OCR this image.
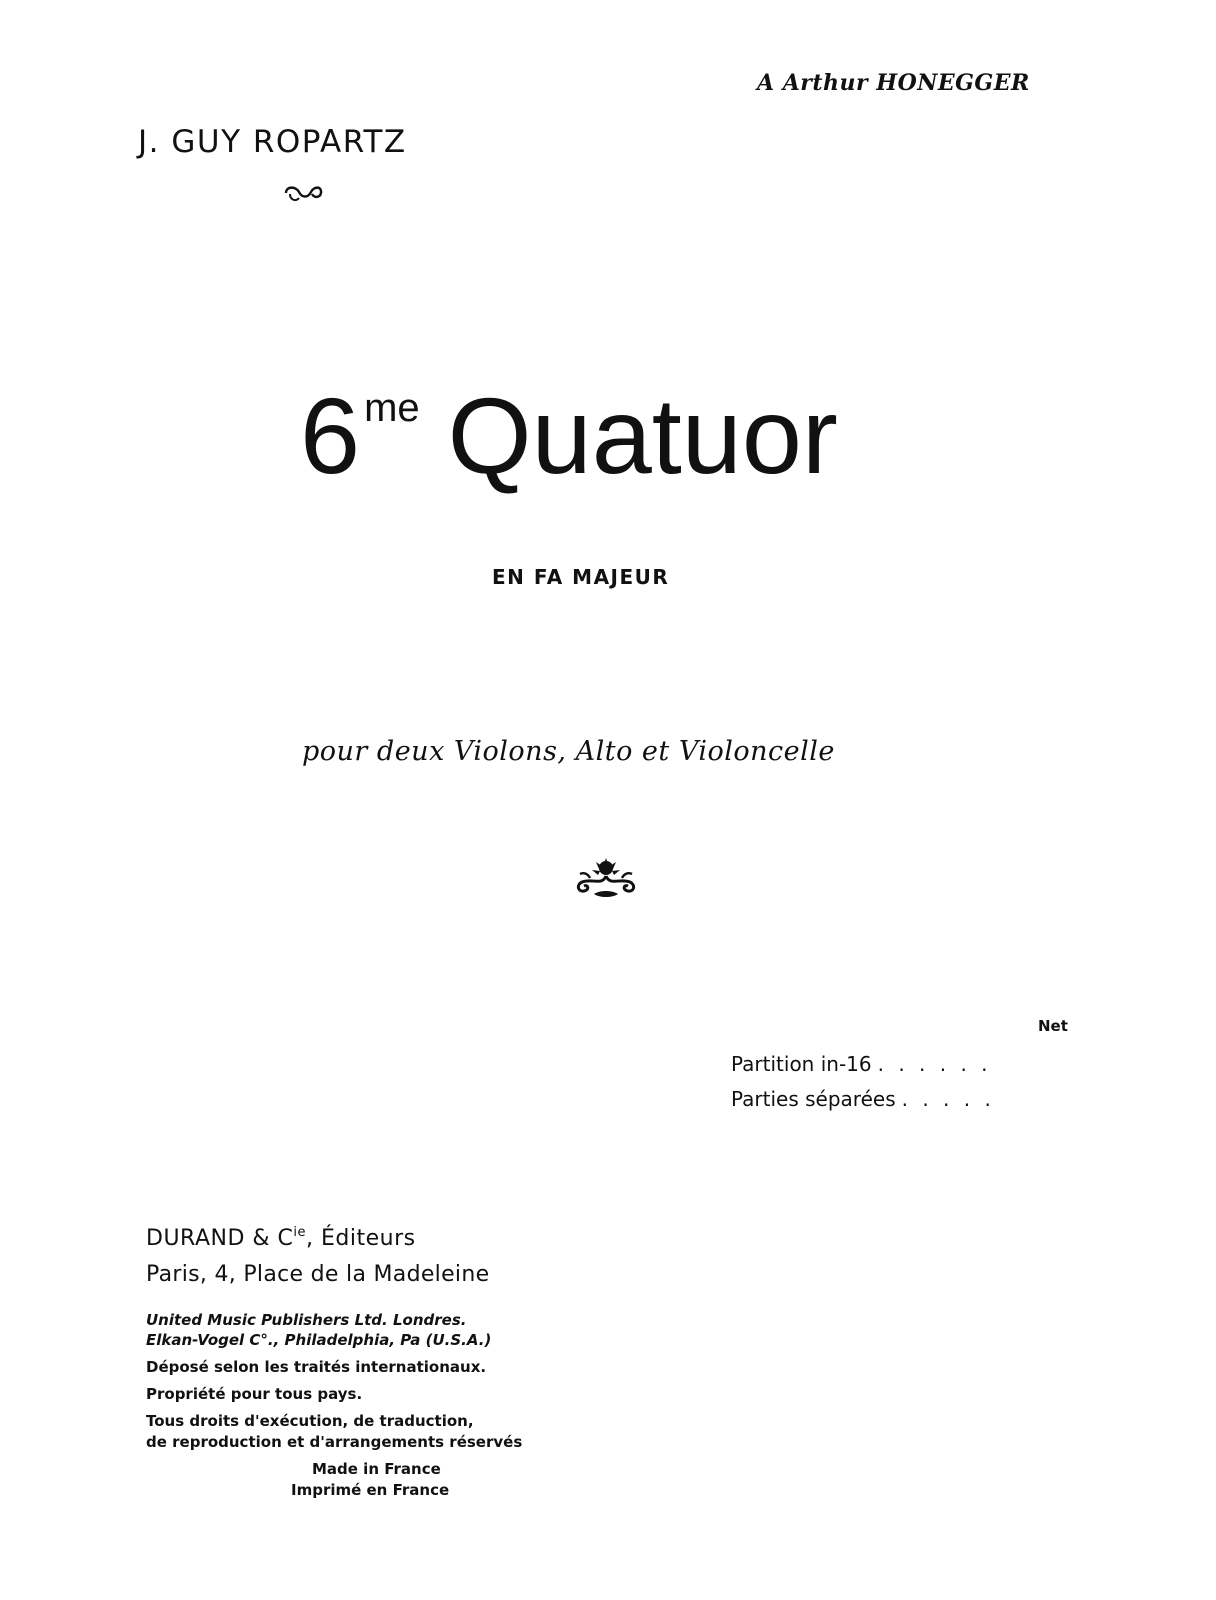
A Arthur HONEGGER
J. GUY ROPARTZ
6 me Quatuor
EN FA MAJEUR
pour deux Violons, Alto et Violoncelle
Net
Partition in-16 . . . . . .
Parties séparées . . . . .
DURAND & $C^{ie}$, Éditeurs
Paris, 4, Place de la Madeleine
United Music Publishers Ltd. Londres.
Elkan-Vogel C°., Philadelphia, Pa (U.S.A.)
Déposé selon les traités internationaux.
Propriété pour tous pays.
Tous droits d'exécution, de traduction,
de reproduction et d'arrangements réservés
Made in France
Imprimé en France
